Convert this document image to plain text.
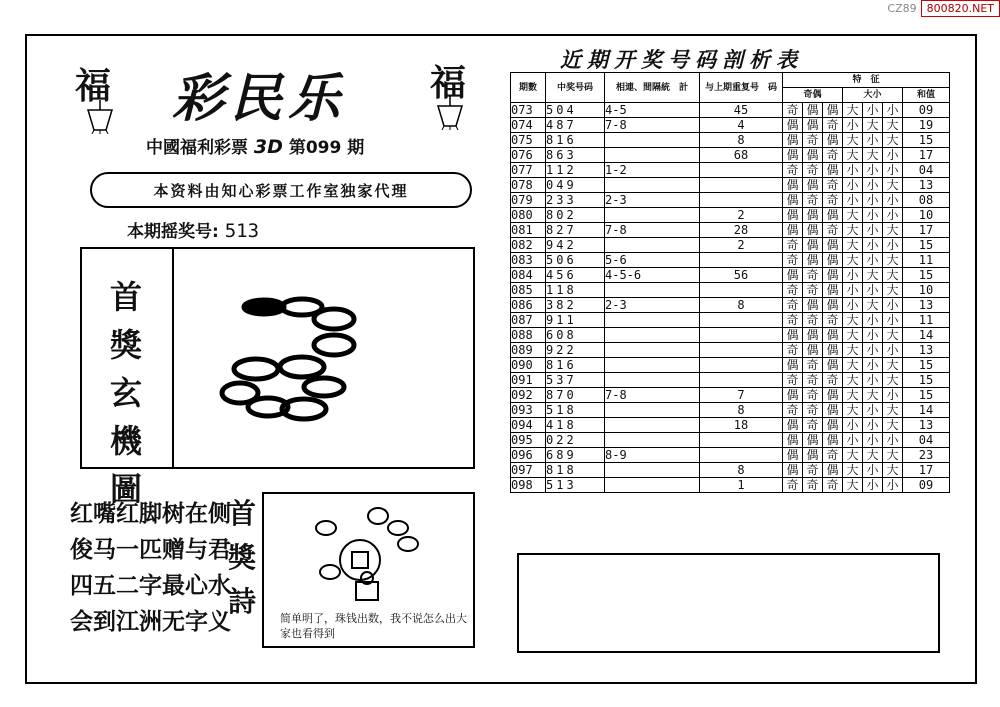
CZ89 800820.NET
福	福
彩民乐
中國福利彩票 3D 第099 期
本资料由知心彩票工作室独家代理
本期摇奖号: 513
首
獎
玄
機
圖
红嘴红脚树在侧
俊马一匹赠与君
四五二字最心水
会到江洲无字义
首
獎
詩
简单明了，珠钱出数，我不说怎么出大家也看得到
近期开奖号码剖析表
期數	中奖号码	相連、間隔統　計	与上期重复号　码	特　征						
				奇偶			大小			和值
073	504	4-5	45	奇	偶	偶	大	小	小	09
074	487	7-8	4	偶	偶	奇	小	大	大	19
075	816		8	偶	奇	偶	大	小	大	15
076	863		68	偶	偶	奇	大	大	小	17
077	112	1-2		奇	奇	偶	小	小	小	04
078	049			偶	偶	奇	小	小	大	13
079	233	2-3		偶	奇	奇	小	小	小	08
080	802		2	偶	偶	偶	大	小	小	10
081	827	7-8	28	偶	偶	奇	大	小	大	17
082	942		2	奇	偶	偶	大	小	小	15
083	506	5-6		奇	偶	偶	大	小	大	11
084	456	4-5-6	56	偶	奇	偶	小	大	大	15
085	118			奇	奇	偶	小	小	大	10
086	382	2-3	8	奇	偶	偶	小	大	小	13
087	911			奇	奇	奇	大	小	小	11
088	608			偶	偶	偶	大	小	大	14
089	922			奇	偶	偶	大	小	小	13
090	816			偶	奇	偶	大	小	大	15
091	537			奇	奇	奇	大	小	大	15
092	870	7-8	7	偶	奇	偶	大	大	小	15
093	518		8	奇	奇	偶	大	小	大	14
094	418		18	偶	奇	偶	小	小	大	13
095	022			偶	偶	偶	小	小	小	04
096	689	8-9		偶	偶	奇	大	大	大	23
097	818		8	偶	奇	偶	大	小	大	17
098	513		1	奇	奇	奇	大	小	小	09
